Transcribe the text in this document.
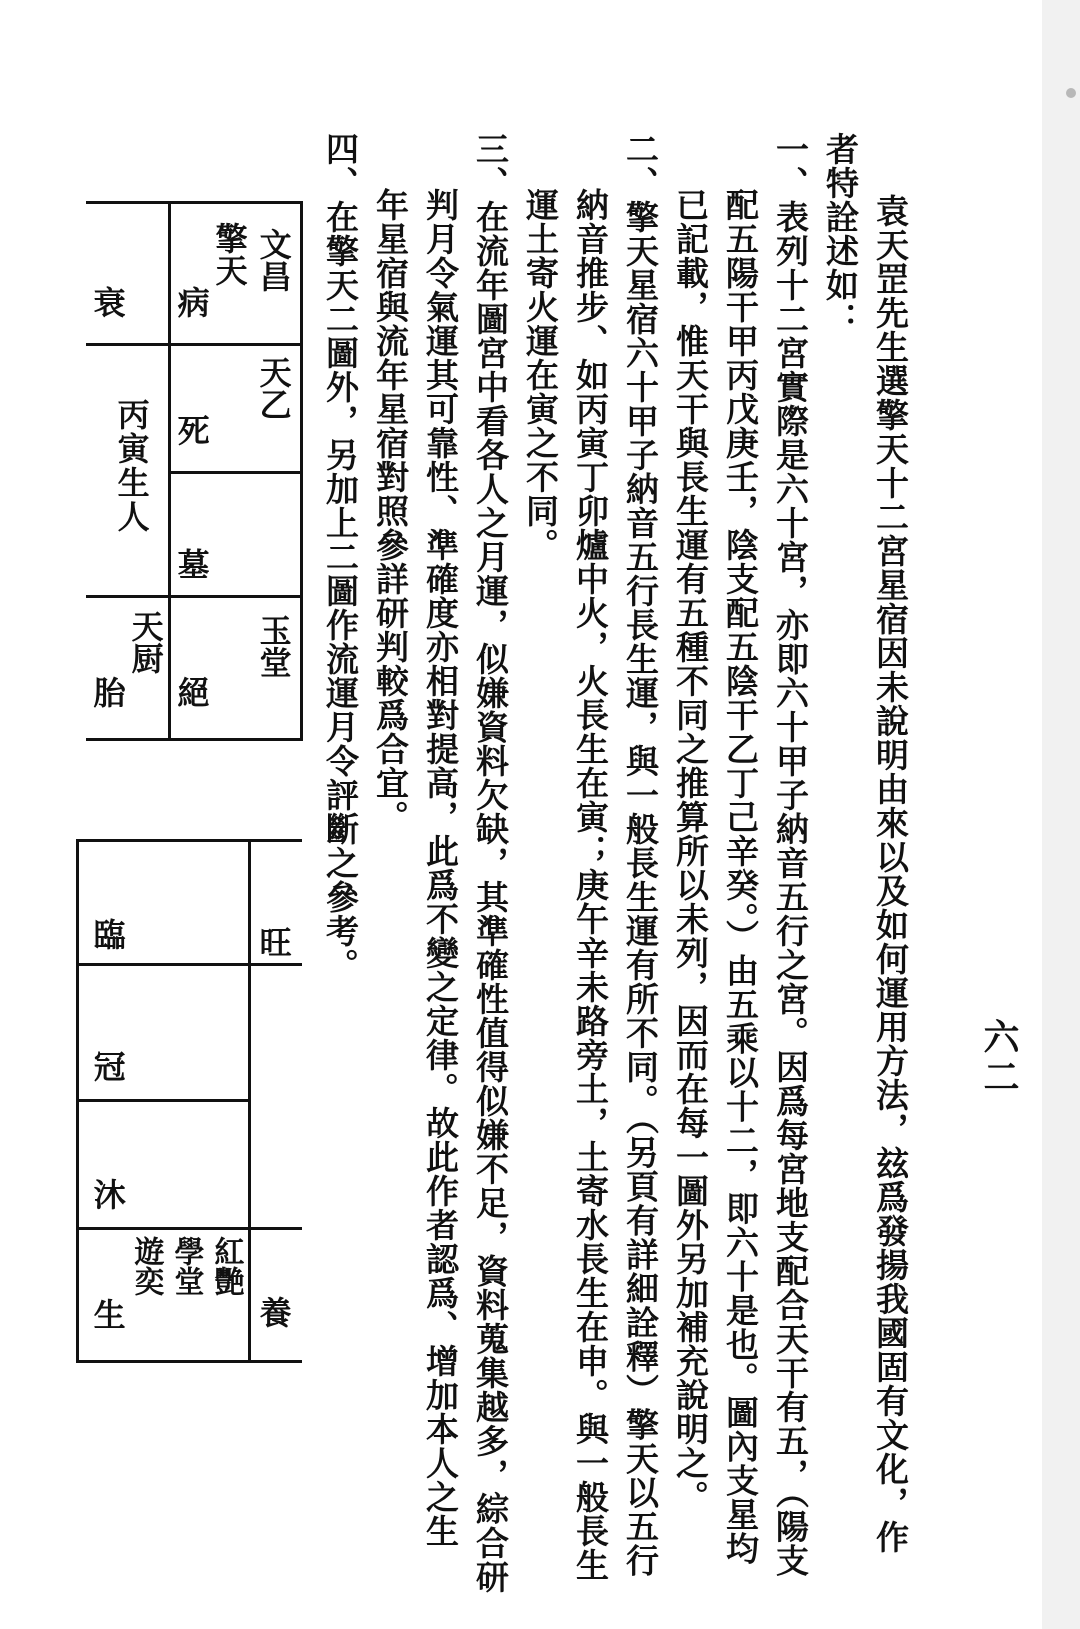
六二
袁天罡先生選擎天十二宮星宿因未說明由來以及如何運用方法，玆爲發揚我國固有文化，作
者特詮述如：
一、表列十二宮實際是六十宮，亦即六十甲子納音五行之宮。因爲每宮地支配合天干有五，（陽支
配五陽干甲丙戊庚壬，陰支配五陰干乙丁己辛癸。）由五乘以十二，即六十是也。圖內支星均
已記載，惟天干與長生運有五種不同之推算所以未列，因而在每一圖外另加補充說明之。
二、擎天星宿六十甲子納音五行長生運，與一般長生運有所不同。（另頁有詳細詮釋）擎天以五行
納音推步、如丙寅丁卯爐中火，火長生在寅；庚午辛未路旁土，土寄水長生在申。與一般長生
運土寄火運在寅之不同。
三、在流年圖宮中看各人之月運，似嫌資料欠缺，其準確性值得似嫌不足，資料蒐集越多，綜合研
判月令氣運其可靠性、準確度亦相對提高，此爲不變之定律。故此作者認爲、增加本人之生
年星宿與流年星宿對照參詳研判較爲合宜。
四、在擎天二圖外，另加上二圖作流運月令評斷之參考。
文昌
擎天
病
衰
天乙
死
丙寅生人
墓
玉堂
天厨
絕
胎
旺
臨
冠
沐
養
紅艷
學堂
遊奕
生
